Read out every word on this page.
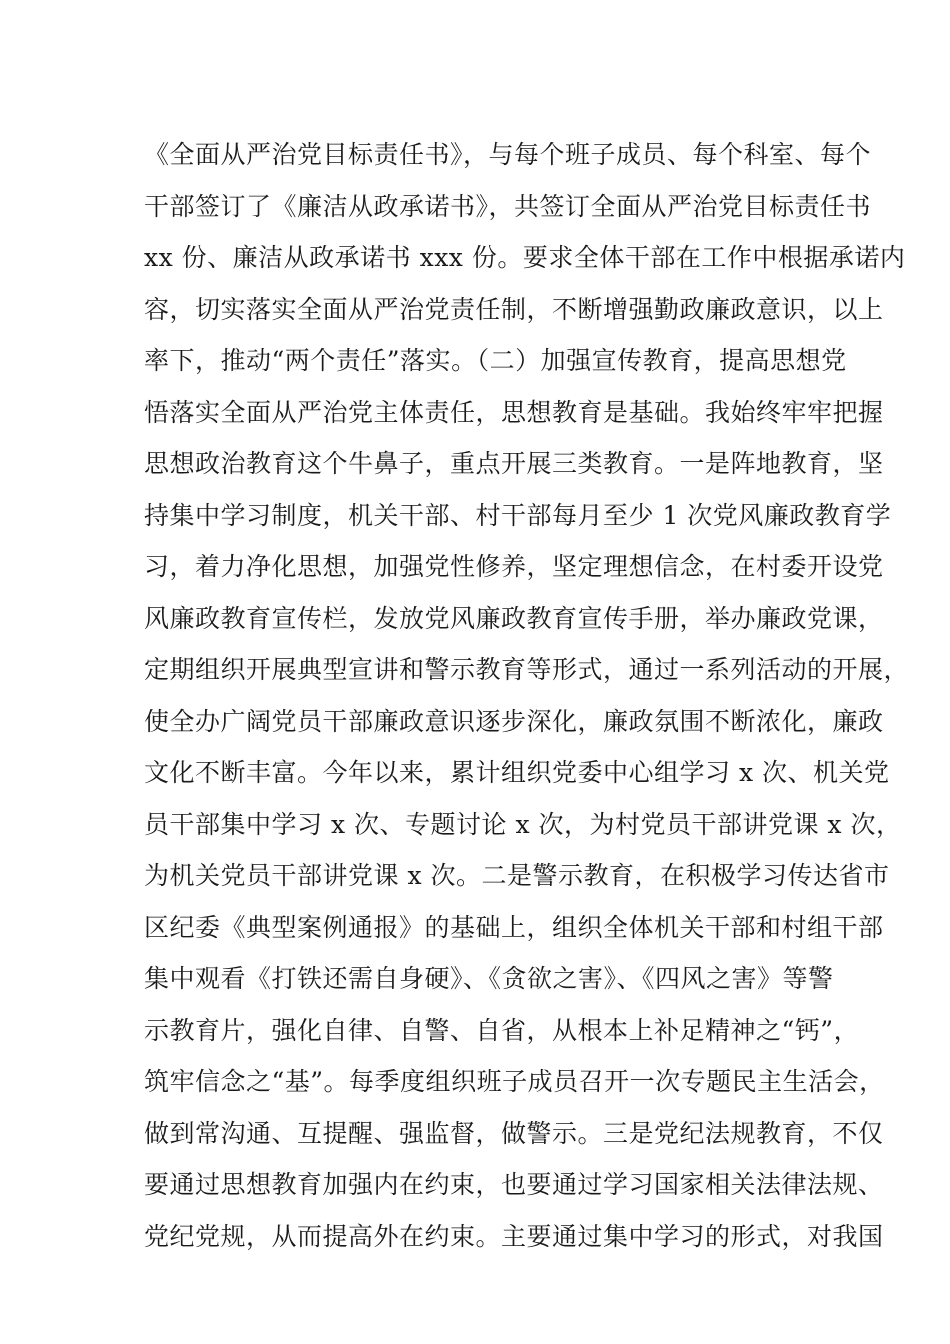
《全面从严治党目标责任书》，与每个班子成员、每个科室、每个
干部签订了《廉洁从政承诺书》，共签订全面从严治党目标责任书
xx 份、廉洁从政承诺书 xxx 份。要求全体干部在工作中根据承诺内
容，切实落实全面从严治党责任制，不断增强勤政廉政意识，以上
率下，推动“两个责任”落实。（二）加强宣传教育，提高思想党
悟落实全面从严治党主体责任，思想教育是基础。我始终牢牢把握
思想政治教育这个牛鼻子，重点开展三类教育。一是阵地教育，坚
持集中学习制度，机关干部、村干部每月至少 1 次党风廉政教育学
习，着力净化思想，加强党性修养，坚定理想信念，在村委开设党
风廉政教育宣传栏，发放党风廉政教育宣传手册，举办廉政党课，
定期组织开展典型宣讲和警示教育等形式，通过一系列活动的开展，
使全办广阔党员干部廉政意识逐步深化，廉政氛围不断浓化，廉政
文化不断丰富。今年以来，累计组织党委中心组学习 x 次、机关党
员干部集中学习 x 次、专题讨论 x 次，为村党员干部讲党课 x 次，
为机关党员干部讲党课 x 次。二是警示教育，在积极学习传达省市
区纪委《典型案例通报》的基础上，组织全体机关干部和村组干部
集中观看《打铁还需自身硬》、《贪欲之害》、《四风之害》等警
示教育片，强化自律、自警、自省，从根本上补足精神之“钙”，
筑牢信念之“基”。每季度组织班子成员召开一次专题民主生活会，
做到常沟通、互提醒、强监督，做警示。三是党纪法规教育，不仅
要通过思想教育加强内在约束，也要通过学习国家相关法律法规、
党纪党规，从而提高外在约束。主要通过集中学习的形式，对我国
